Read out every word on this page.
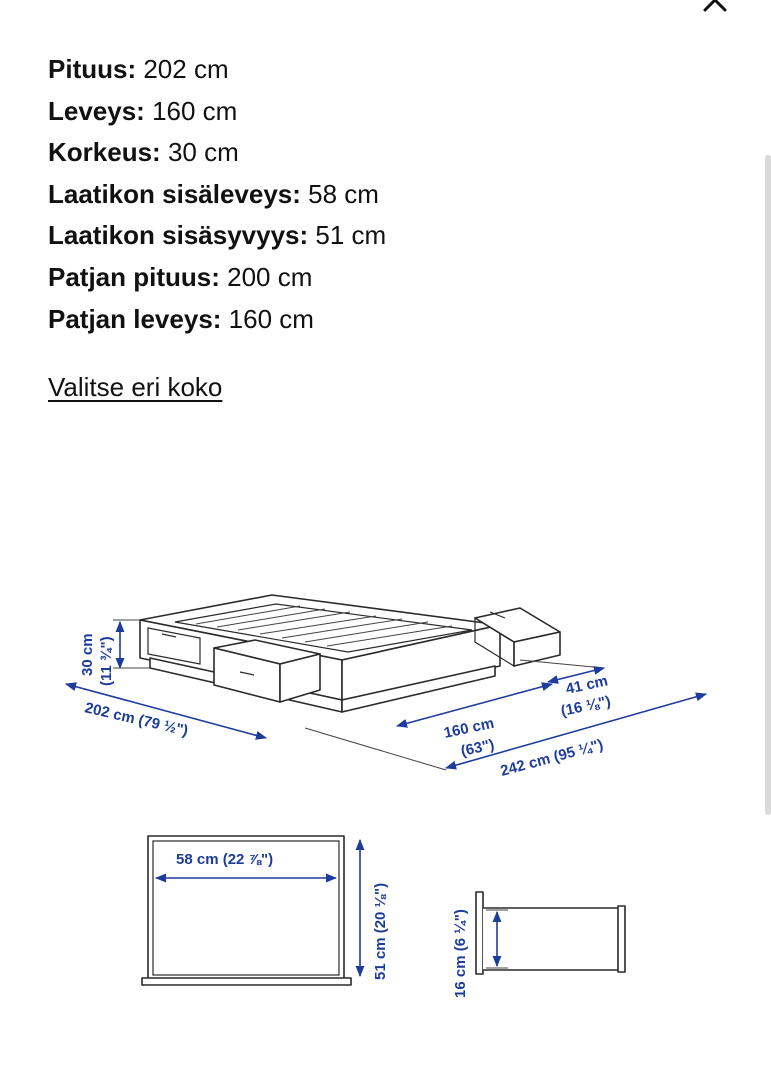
Pituus: 202 cm
Leveys: 160 cm
Korkeus: 30 cm
Laatikon sisäleveys: 58 cm
Laatikon sisäsyvyys: 51 cm
Patjan pituus: 200 cm
Patjan leveys: 160 cm
Valitse eri koko
30 cm (11 ¾")
202 cm (79 ½")	160 cm
(63")
41 cm
(16 ⅛")
242 cm (95 ¼")
58 cm (22 ⅞")
51 cm (20 ⅛")	16 cm (6 ¼")
